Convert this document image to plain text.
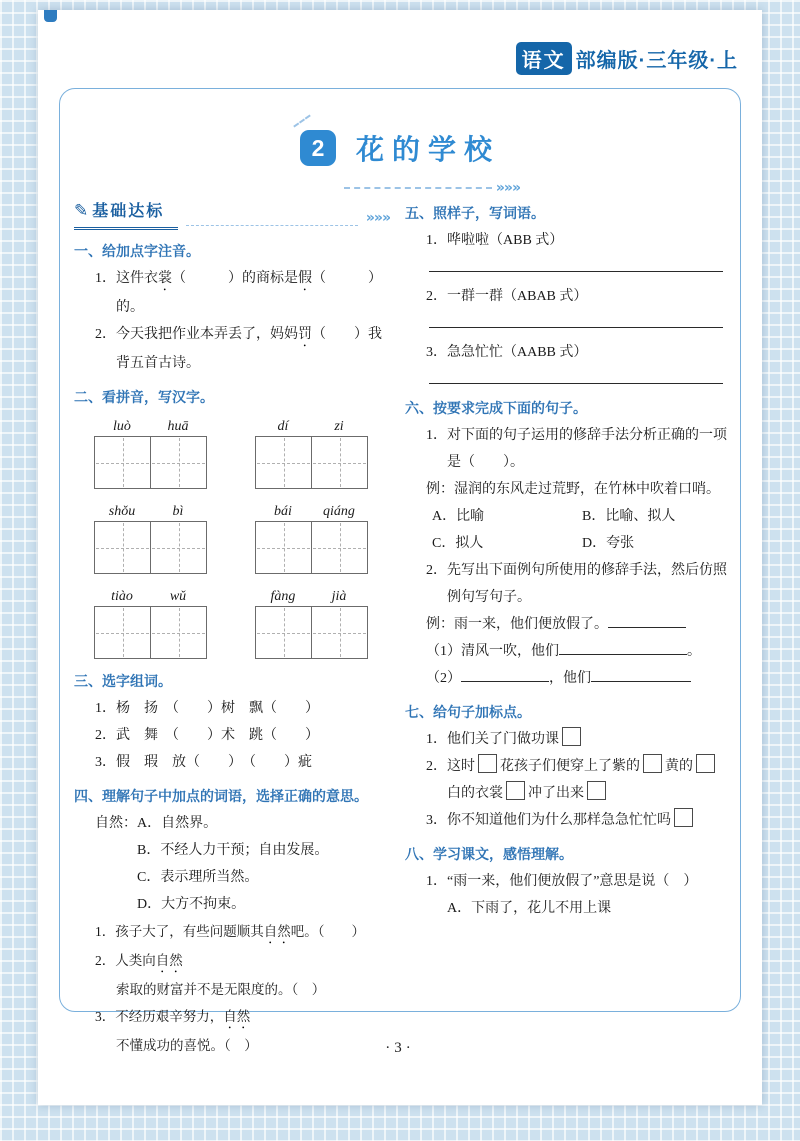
语文 部编版·三年级·上
2 花的学校
»»»
✎ 基础达标	»»»
一、给加点字注音。
1．这件衣裳（　　　）的商标是假（　　　）的。
2．今天我把作业本弄丢了，妈妈罚（　　）我背五首古诗。
二、看拼音，写汉字。
luò	huā	dí	zi
shǒu	bì	bái	qiáng
tiào	wǔ	fàng	jià
三、选字组词。
1．杨　扬　（　　）树　飘（　　）
2．武　舞　（　　）术　跳（　　）
3．假　瑕　放（　　）　（　　）疵
四、理解句子中加点的词语，选择正确的意思。
自然：A．自然界。
B．不经人力干预；自由发展。
C．表示理所当然。
D．大方不拘束。
1．孩子大了，有些问题顺其自然吧。（　　）
2．人类向自然索取的财富并不是无限度的。（　）
3．不经历艰辛努力，自然不懂成功的喜悦。（　）
五、照样子，写词语。
1．哗啦啦（ABB 式）
2．一群一群（ABAB 式）
3．急急忙忙（AABB 式）
六、按要求完成下面的句子。
1．对下面的句子运用的修辞手法分析正确的一项是（　　）。
例：湿润的东风走过荒野，在竹林中吹着口哨。
A．比喻	B．比喻、拟人
C．拟人	D．夸张
2．先写出下面例句所使用的修辞手法，然后仿照例句写句子。
例：雨一来，他们便放假了。
（1）清风一吹，他们	。
（2）	，他们
七、给句子加标点。
1．他们关了门做功课
2．这时 花孩子们便穿上了紫的 黄的白的衣裳 冲了出来
3．你不知道他们为什么那样急急忙忙吗
八、学习课文，感悟理解。
1．“雨一来，他们便放假了”意思是说（　）
A．下雨了，花儿不用上课
·3·
